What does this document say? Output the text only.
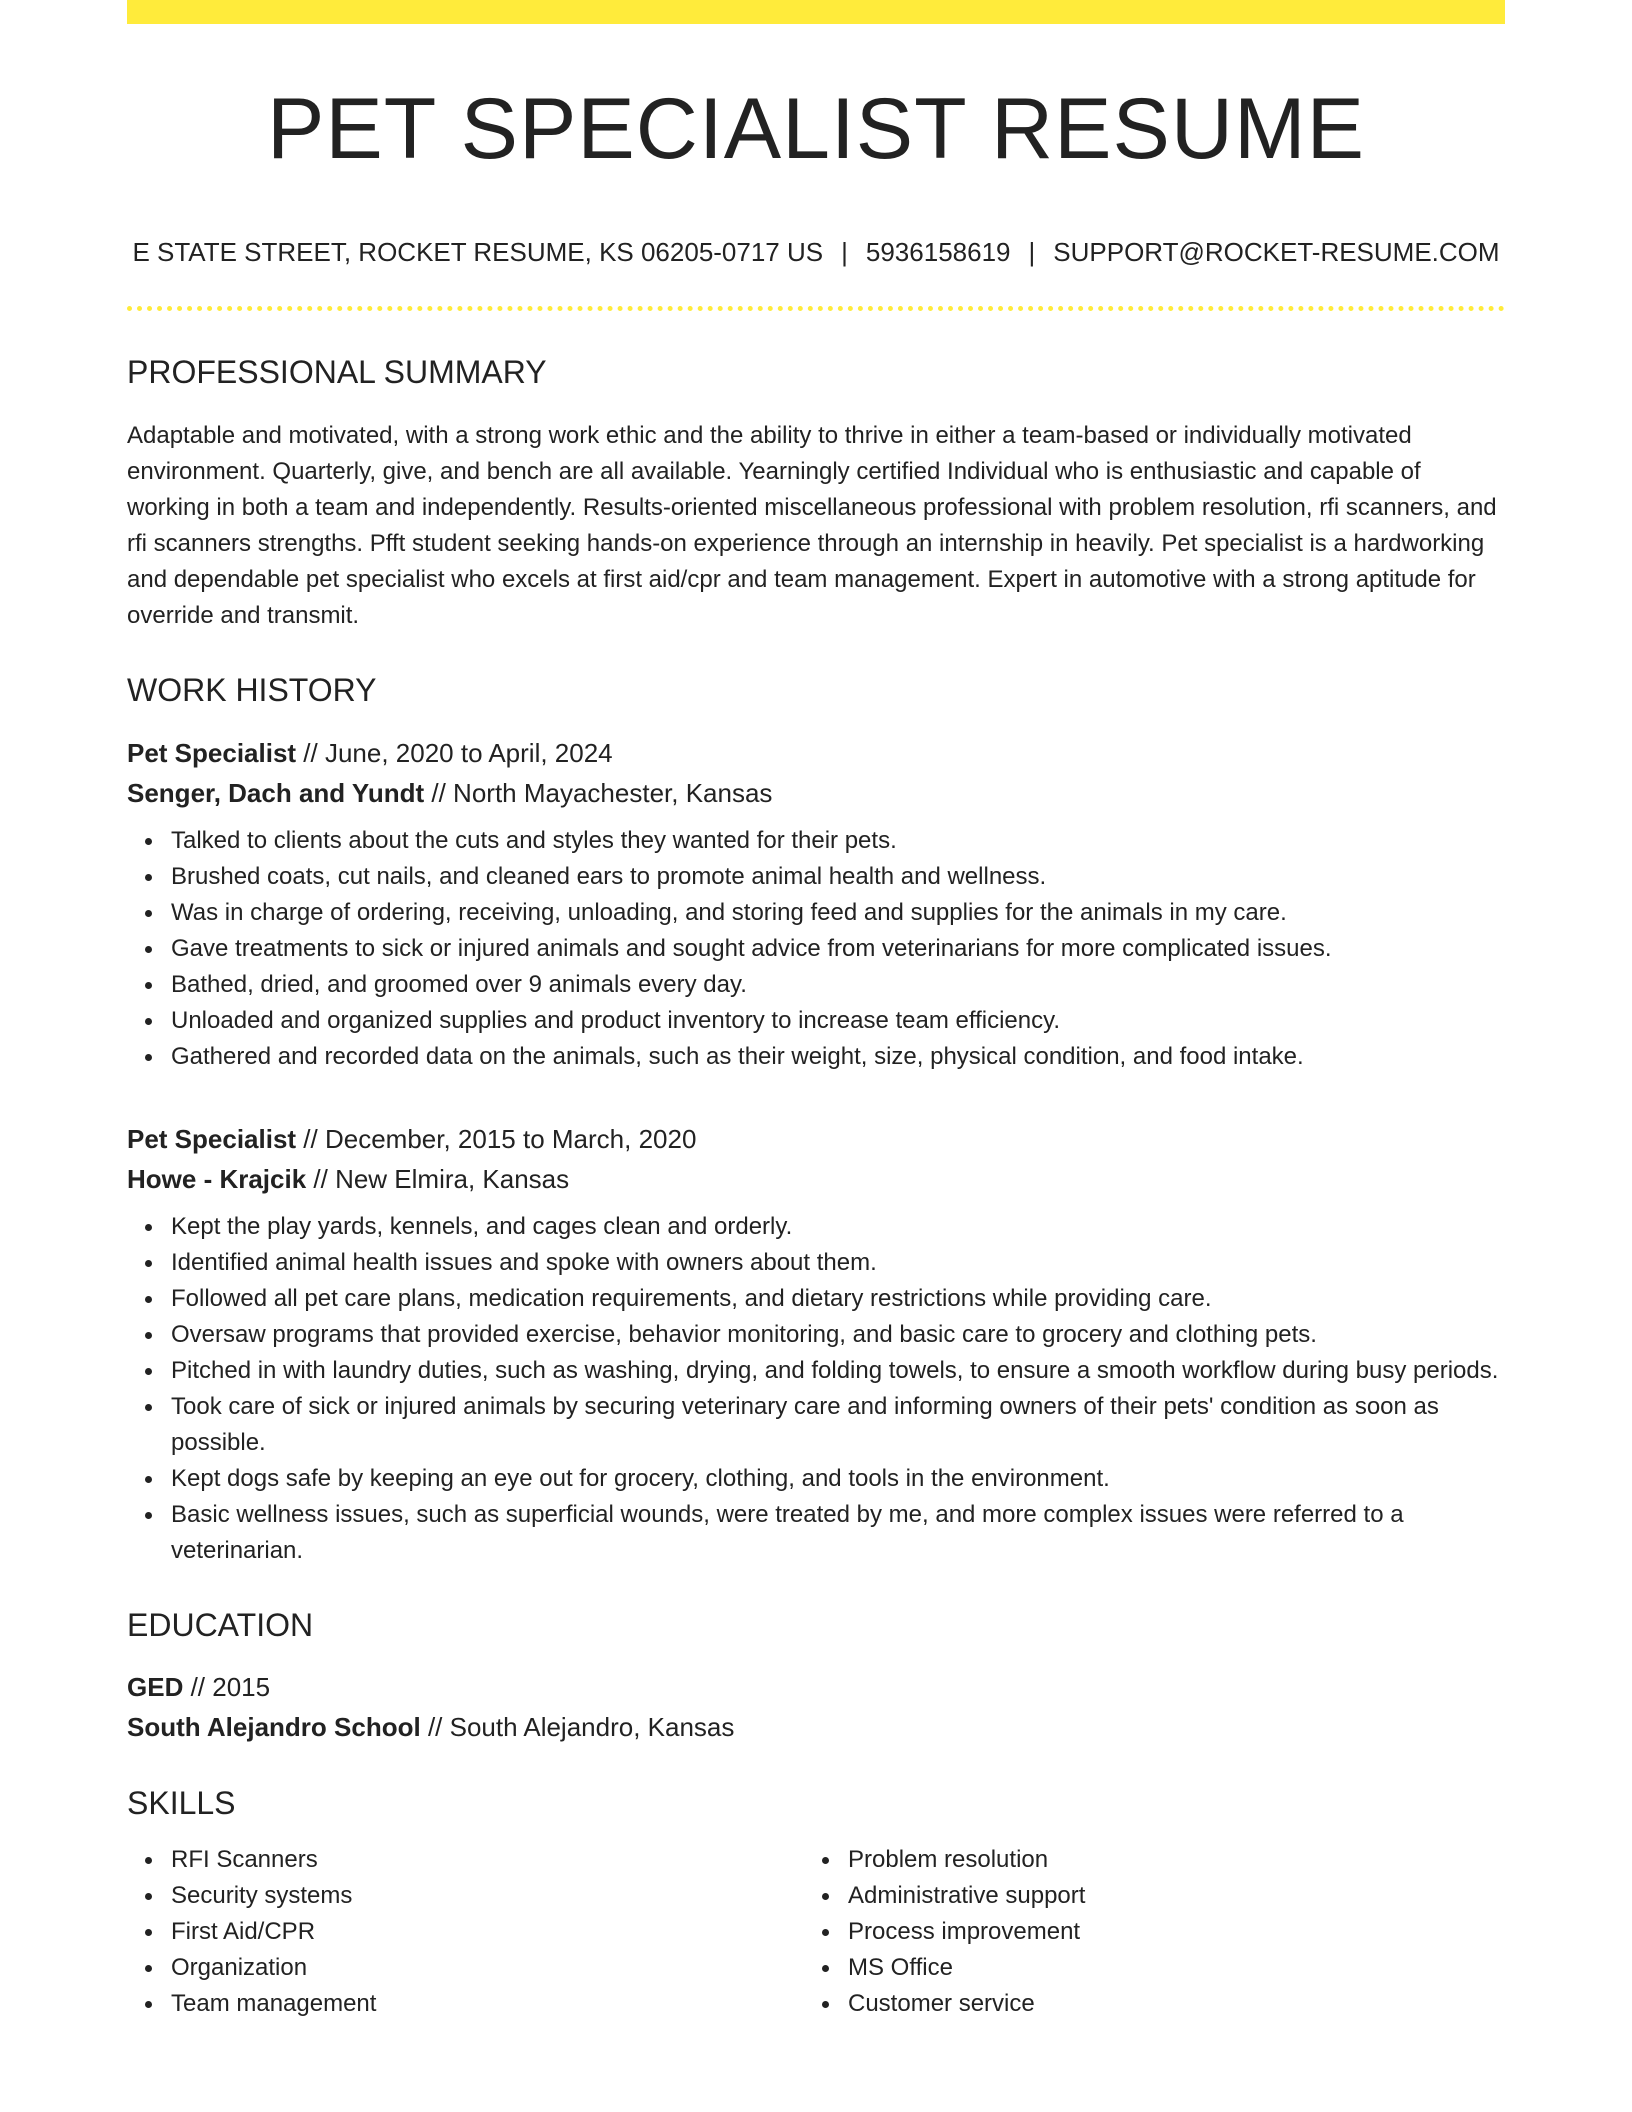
PET SPECIALIST RESUME
E STATE STREET, ROCKET RESUME, KS 06205-0717 US | 5936158619 | SUPPORT@ROCKET-RESUME.COM
PROFESSIONAL SUMMARY

Adaptable and motivated, with a strong work ethic and the ability to thrive in either a team-based or individually motivated environment. Quarterly, give, and bench are all available. Yearningly certified Individual who is enthusiastic and capable of working in both a team and independently. Results-oriented miscellaneous professional with problem resolution, rfi scanners, and rfi scanners strengths. Pfft student seeking hands-on experience through an internship in heavily. Pet specialist is a hardworking and dependable pet specialist who excels at first aid/cpr and team management. Expert in automotive with a strong aptitude for override and transmit.

WORK HISTORY
Pet Specialist // June, 2020 to April, 2024
Senger, Dach and Yundt // North Mayachester, Kansas
Talked to clients about the cuts and styles they wanted for their pets.
Brushed coats, cut nails, and cleaned ears to promote animal health and wellness.
Was in charge of ordering, receiving, unloading, and storing feed and supplies for the animals in my care.
Gave treatments to sick or injured animals and sought advice from veterinarians for more complicated issues.
Bathed, dried, and groomed over 9 animals every day.
Unloaded and organized supplies and product inventory to increase team efficiency.
Gathered and recorded data on the animals, such as their weight, size, physical condition, and food intake.
Pet Specialist // December, 2015 to March, 2020
Howe - Krajcik // New Elmira, Kansas
Kept the play yards, kennels, and cages clean and orderly.
Identified animal health issues and spoke with owners about them.
Followed all pet care plans, medication requirements, and dietary restrictions while providing care.
Oversaw programs that provided exercise, behavior monitoring, and basic care to grocery and clothing pets.
Pitched in with laundry duties, such as washing, drying, and folding towels, to ensure a smooth workflow during busy periods.
Took care of sick or injured animals by securing veterinary care and informing owners of their pets' condition as soon as possible.
Kept dogs safe by keeping an eye out for grocery, clothing, and tools in the environment.
Basic wellness issues, such as superficial wounds, were treated by me, and more complex issues were referred to a veterinarian.
EDUCATION
GED // 2015
South Alejandro School // South Alejandro, Kansas
SKILLS
RFI Scanners
Security systems
First Aid/CPR
Organization
Team management
Problem resolution
Administrative support
Process improvement
MS Office
Customer service
